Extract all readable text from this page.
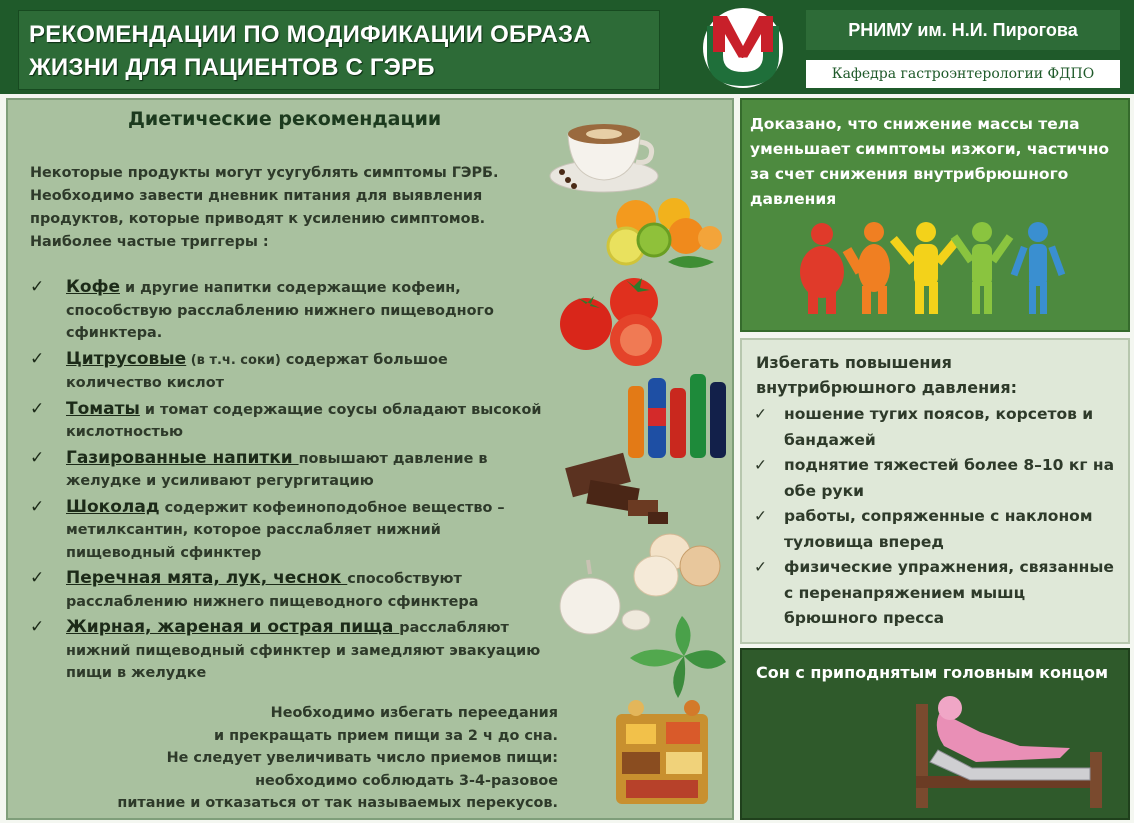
РЕКОМЕНДАЦИИ ПО МОДИФИКАЦИИ ОБРАЗА
ЖИЗНИ ДЛЯ ПАЦИЕНТОВ С ГЭРБ	GASTRO
РНИМУ им. Н.И. Пирогова
Кафедра гастроэнтерологии ФДПО
Диетические рекомендации
Некоторые продукты могут усугублять симптомы ГЭРБ.
Необходимо завести дневник питания для выявления
продуктов, которые приводят к усилению симптомов.
Наиболее частые триггеры :
✓ Кофе и другие напитки содержащие кофеин, способствую расслаблению нижнего пищеводного сфинктера.
✓ Цитрусовые (в т.ч. соки) содержат большое количество кислот
✓ Томаты и томат содержащие соусы обладают высокой кислотностью
✓ Газированные напитки повышают давление в желудке и усиливают регургитацию
✓ Шоколад содержит кофеиноподобное вещество – метилксантин, которое расслабляет нижний пищеводный сфинктер
✓ Перечная мята, лук, чеснок способствуют расслаблению нижнего пищеводного сфинктера
✓ Жирная, жареная и острая пища расслабляют нижний пищеводный сфинктер и замедляют эвакуацию пищи в желудке
Необходимо избегать переедания
и прекращать прием пищи за 2 ч до сна.
Не следует увеличивать число приемов пищи:
необходимо соблюдать 3-4-разовое
питание и отказаться от так называемых перекусов.
Доказано, что снижение массы тела уменьшает симптомы изжоги, частично за счет снижения внутрибрюшного давления
Избегать повышения
внутрибрюшного давления:
✓ ношение тугих поясов, корсетов и бандажей
✓ поднятие тяжестей более 8–10 кг на обе руки
✓ работы, сопряженные с наклоном туловища вперед
✓ физические упражнения, связанные с перенапряжением мышц брюшного пресса
Сон с приподнятым головным концом
